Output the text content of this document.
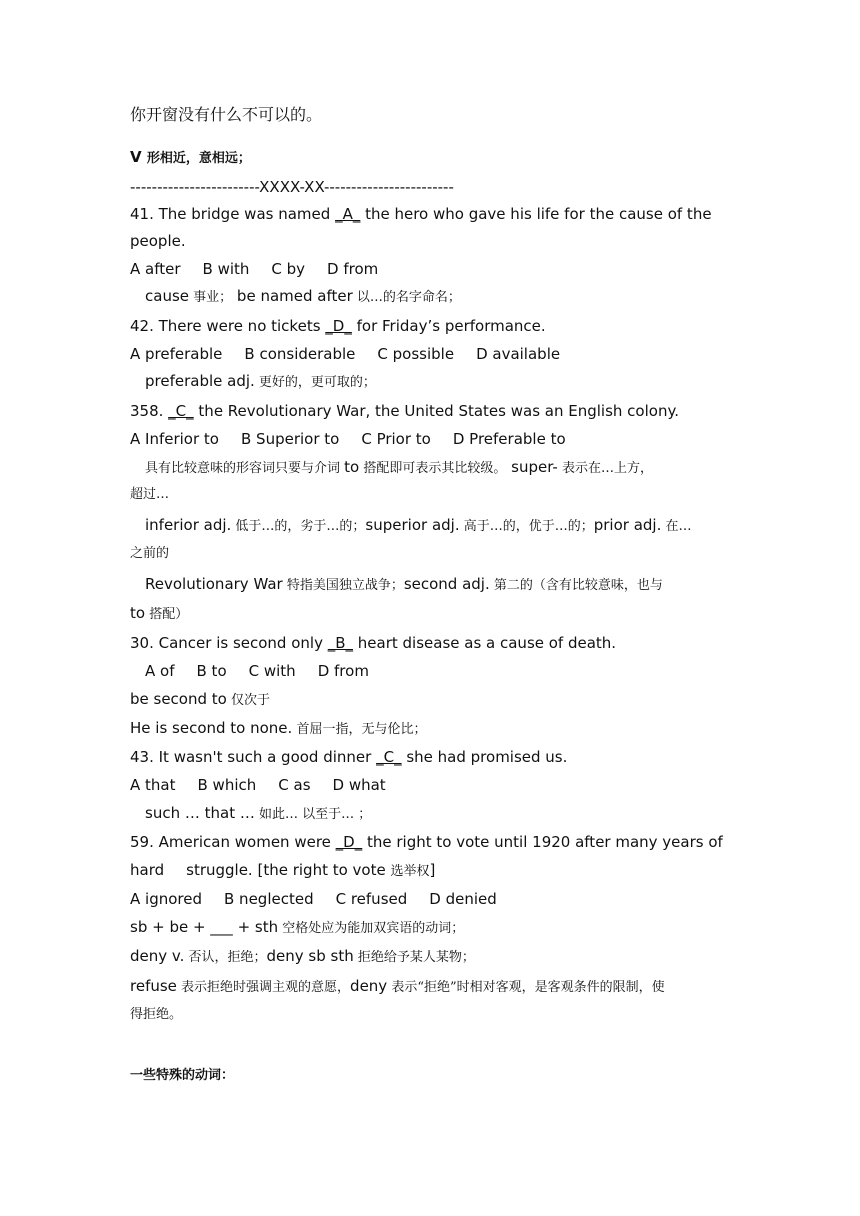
你开窗没有什么不可以的。
V 形相近，意相远；
------------------------XXXX-XX------------------------
41. The bridge was named _A_ the hero who gave his life for the cause of the
people.
A after B with C by D from
cause 事业； be named after 以…的名字命名；
42. There were no tickets _D_ for Friday’s performance.
A preferable B considerable C possible D available
preferable adj. 更好的，更可取的；
358. _C_ the Revolutionary War, the United States was an English colony.
A Inferior to B Superior to C Prior to D Preferable to
具有比较意味的形容词只要与介词 to 搭配即可表示其比较级。 super- 表示在…上方，
超过…
inferior adj. 低于…的，劣于…的；superior adj. 高于…的，优于…的；prior adj. 在…
之前的
Revolutionary War 特指美国独立战争；second adj. 第二的（含有比较意味，也与
to 搭配）
30. Cancer is second only _B_ heart disease as a cause of death.
A of B to C with D from
be second to 仅次于
He is second to none. 首屈一指，无与伦比；
43. It wasn't such a good dinner _C_ she had promised us.
A that B which C as D what
such … that … 如此… 以至于… ；
59. American women were _D_ the right to vote until 1920 after many years of
hard struggle. [the right to vote 选举权]
A ignored B neglected C refused D denied
sb + be + ___ + sth 空格处应为能加双宾语的动词；
deny v. 否认，拒绝；deny sb sth 拒绝给予某人某物；
refuse 表示拒绝时强调主观的意愿，deny 表示“拒绝”时相对客观，是客观条件的限制，使
得拒绝。
一些特殊的动词：
